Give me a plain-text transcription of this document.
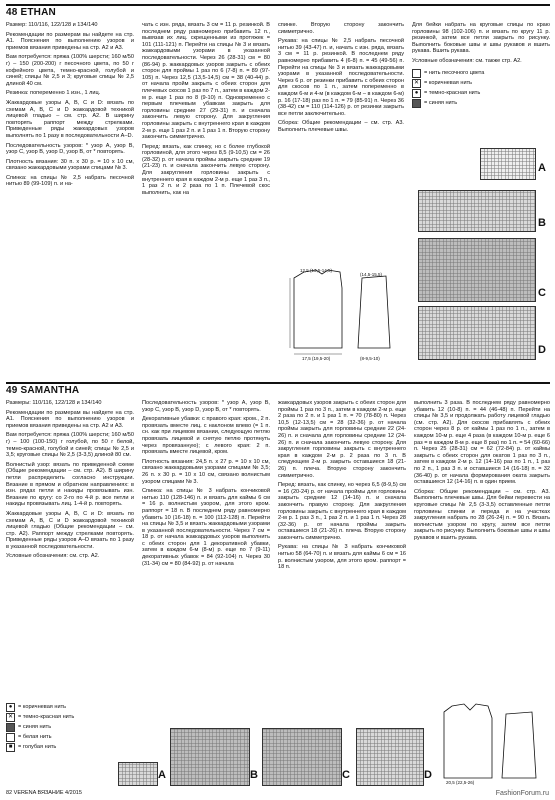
48 ETHAN

Размер: 110/116, 122/128 и 134/140

Рекомендации по размерам вы найдете на стр. А1. Пояснения по выполнению узоров и приемов вязания приведены на стр. А2 и А3.

Вам потребуется: пряжа (100% шерсти; 160 м/50 г) – 150 (200-200) г песочного цвета, по 50 г кофейного цвета, темно-красной, голубой и синей; спицы № 2,5 и 3; круговые спицы № 2,5 длиной 40 см.

Резинка: попеременно 1 изн., 1 лиц.

Жаккардовые узоры А, В, С и D: вязать по схемам А, В, С и D жаккардовой техникой лицевой гладью – см. стр. А2. В ширину повторять раппорт между стрелками. Приведенные ряды жаккардовых узоров выполнять по 1 разу в последовательности A–D.

Последовательность узоров: * узор А, узор В, узор С, узор В, узор D, узор В, от * повторять.

Плотность вязания: 30 п. х 30 р. = 10 х 10 см, связано жаккардовыми узорами спицами № 3.

Спинка: на спицы № 2,5 набрать песочной нитью 89 (99-109) п. и на-

чать с изн. ряда, вязать 3 см = 11 р. резинкой. В последнем ряду равномерно прибавить 12 п., вывязав их лиц. скрещенными из протяжек = 101 (111-121) п. Перейти на спицы № 3 и вязать жаккардовыми узорами в указанной последовательности. Через 26 (28-31) см = 80 (86-94) р. жаккардовых узоров закрыть с обеих сторон для проймы 1 раз по 6 (7-8) п. = 89 (97-105) п. Через 12,5 (13,5-14,5) см = 38 (40-44) р. от начала пройм закрыть с обеих сторон для плечевых скосов 1 раз по 7 п., затем в каждом 2-м р. еще 1 раз по 8 (9-10) п. Одновременно с первым плечевым убавкам закрыть для горловины средние 27 (29-31) п. и сначала закончить левую сторону. Для закругления горловины закрыть с внутреннего края в каждом 2-м р. еще 1 раз 2 п. и 1 раз 1 п. Вторую сторону закончить симметрично.

Перед: вязать, как спинку, но с более глубокой горловиной, для этого через 8,5 (9-10,5) см = 26 (28-32) р. от начала проймы закрыть средние 19 (21-23) п. и сначала закончить левую сторону. Для закругления горловины закрыть с внутреннего края в каждом 2-м р. еще 1 раз 3 п., 1 раз 2 п. и 2 раза по 1 п. Плечевой скос выполнить, как на

спинке. Вторую сторону закончить симметрично.

Рукава: на спицы № 2,5 набрать песочной нитью 39 (43-47) п. и, начать с изн. ряда, вязать 3 см = 11 р. резинкой. В последнем ряду равномерно прибавить 4 (6-8) п. = 45 (49-56) п. Перейти на спицы № 3 и вязать жаккардовыми узорами в указанной последовательности. Через 6 р. от резинки прибавить с обеих сторон для скосов по 1 п., затем попеременно в каждом 6-м и 4-м (в каждом 6-м – в каждом 6-м) р. 16 (17-18) раз по 1 п. = 79 (85-91) п. Через 36 (38-42) см = 110 (114-126) р. от резинки закрыть все петли заключительно.

Сборка: Общие рекомендации – см. стр. А3. Выполнить плечевые швы.

Для бейки набрать на круговые спицы по краю горловины 98 (102-106) п. и вязать по кругу 11 р. резинкой, затем все петли закрыть по рисунку. Выполнить боковые швы и швы рукавов и вшить рукава. Вшить рукава.

Условные обозначения: см. также стр. А2.

= нить песочного цвета
✕ = коричневая нить
●	= темно-красная нить
= синяя нить
A
B
C
D
12,5 (13,5-14,5)
(14,5-15,5)
17,5 (19,5-20)	(8-9,5-10)
49 SAMANTHA

Размеры: 110/116, 122/128 и 134/140

Рекомендации по размерам вы найдете на стр. А1. Пояснения по выполнению узоров и приемов вязания приведены на стр. А2 и А3.

Вам потребуется: пряжа (100% шерсти; 160 м/50 г) – 100 (100-150) г голубой, по 50 г белой, темно-красной, голубой и синей; спицы № 2,5 и 3,5; круговые спицы № 2,5 (3-3,5) длиной 80 см.

Волнистый узор: вязать по приведенной схеме (Общие рекомендации – см. стр. А2). В ширину петли распределить согласно инструкции. Вязание в прямом и обратном направлениях: в изн. рядах петли и накиды провязывать изн. Вязание по кругу: со 2-го по 4-й р. все петли и накиды провязывать лиц. 1-4-й р. повторять.

Жаккардовые узоры А, В, С и D: вязать по схемам А, В, С и D жаккардовой техникой лицевой гладью (Общие рекомендации – см. стр. А2). Раппорт между стрелками повторять. Приведенные ряды узоров A–D вязать по 1 разу в указанной последовательности.

Условные обозначения: см. стр. А2.

●	= коричневая нить
✕ = темно-красная нить
= синяя нить
= белая нить
■	= голубая нить

Последовательность узоров: * узор А, узор В, узор С, узор В, узор D, узор В, от * повторять.

Декоративные убавки: с правого края: кром., 2 п. провязать вместе лиц. с наклоном влево (= 1 п. сн. как при лицевом вязании, следующую петлю провязать лицевой и снятую петлю протянуть через провязанную); с левого края: 2 п. провязать вместе лицевой, кром.

Плотность вязания: 24,5 п. х 27 р. = 10 х 10 см, связано жаккардовыми узорами спицами № 3,5; 26 п. х 30 р. = 10 х 10 см, связано волнистым узором спицами № 3.

Спинка: на спицы № 3 набрать кончиковой нитью 110 (128-146) п. и вязать для каймы 6 см = 16 р. волнистым узором, для этого кром. раппорт = 18 п. В последнем ряду равномерно убавить 10 (16-18) п. = 100 (112-128) п. Перейти на спицы № 3,5 и вязать жаккардовыми узорами в указанной последовательности. Через 7 см = 18 р. от начала жаккардовых узоров выполнить с обеих сторон для 1 декоративной убавки, затем в каждом 6-м (8-м) р. еще по 7 (9-11) декоративных убавок = 84 (92-104) п. Через 30 (31-34) см = 80 (84-92) р. от начала

жаккардовых узоров закрыть с обеих сторон для проймы 1 раз по 3 п., затем в каждом 2-м р. еще 2 раза по 2 п. и 1 раз 1 п. = 70 (78-80) п. Через 10,5 (12-13,5) см = 28 (32-36) р. от начала проймы закрыть для горловины средние 22 (24-26) п. и сначала для горловины средние 12 (24-26) п. и сначала закончить левую сторону. Для закругления горловины закрыть с внутреннего края в каждом 2-м р. 2 раза по 3 п. В следующем 2-м р. закрыть оставшиеся 18 (21-26) п. плеча. Вторую сторону закончить симметрично.

Перед: вязать, как спинку, но через 6,5 (8-9,5) см = 16 (20-24) р. от начала проймы для горловины закрыть средние 12 (14-16) п. и сначала закончить правую сторону. Для закругления горловины закрыть с внутреннего края в каждом 2-м р. 1 раз 3 п., 1 раз 2 п. и 1 раз 1 п. Через 28 (32-36) р. от начала проймы закрыть оставшиеся 18 (21-26) п. плеча. Вторую сторону закончить симметрично.

Рукава: на спицы № 3 набрать кончиковой нитью 58 (64-70) п. и вязать для каймы 6 см = 16 р. волнистым узором, для этого кром. раппорт = 18 п.

выполнить 3 раза. В последнем ряду равномерно убавить 12 (10-8) п. = 44 (46-48) п. Перейти на спицы № 3,5 и продолжать работу лицевой гладью (см. стр. А2). Для скосов прибавлять с обеих сторон через 8 р. от каймы 1 раз по 1 п., затем в каждом 10-м р. еще 4 раза (в каждом 10-м р. еще 6 раз = в каждом 8-м р. еще 8 раз) по 1 п. = 54 (60-66) п. Через 25 (28-31) см = 62 (72-84) р. от каймы закрыть с обеих сторон для окатов 1 раз по 3 п., затем в каждом 2-м р. 12 (14-16) раз по 1 п., 1 раз по 2 п., 1 раз 3 п. и оставшиеся 14 (16-18) п. = 32 (36-40) р. от начала формирования оката закрыть оставшиеся 12 (14-16) п. в один прием.

Сборка: Общие рекомендации – см. стр. А3. Выполнить плечевые швы. Для бейки перевести на круговые спицы № 2,5 (3-3,5) оставленные петли горловины спинки и переда и на участках закругления набрать по 28 (26-24) п. = 90 п. Вязать волнистым узором по кругу, затем все петли закрыть по рисунку. Выполнить боковые швы и швы рукавов и вшить рукава.

A	B	C	D
20,5 (22,5-26)
82 VERENA ВЯЗАНИЕ 4/2015	FashionForum.ru
